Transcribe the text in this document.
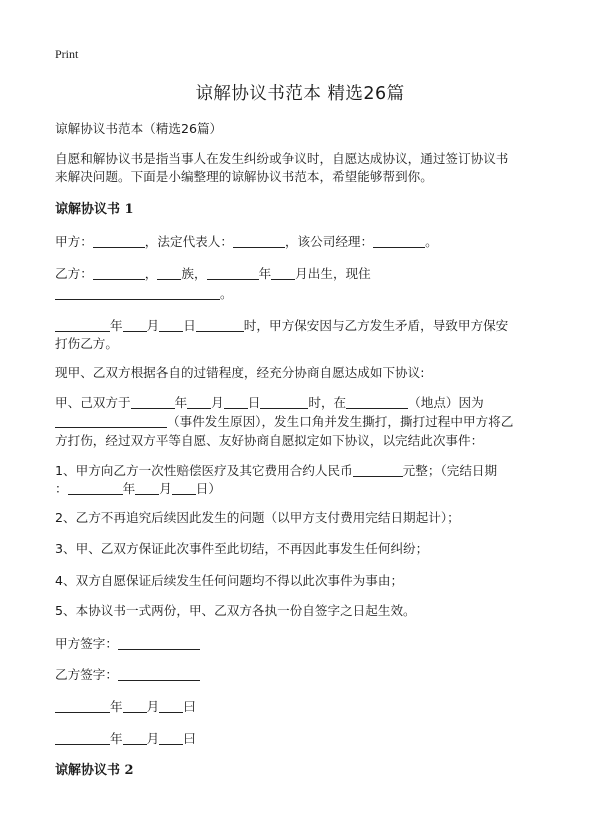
Print
谅解协议书范本 精选26篇
谅解协议书范本（精选26篇）
自愿和解协议书是指当事人在发生纠纷或争议时，自愿达成协议，通过签订协议书
来解决问题。下面是小编整理的谅解协议书范本，希望能够帮到你。
谅解协议书 1
甲方：	，法定代表人：	，该公司经理：	。
乙方：	， 族，	年 月出生，现住
。
年 月 日	时，甲方保安因与乙方发生矛盾，导致甲方保安
打伤乙方。
现甲、乙双方根据各自的过错程度，经充分协商自愿达成如下协议:
甲、己双方于	年 月 日	时，在	（地点）因为
（事件发生原因），发生口角并发生撕打，撕打过程中甲方将乙
方打伤，经过双方平等自愿、友好协商自愿拟定如下协议，以完结此次事件：
1、甲方向乙方一次性赔偿医疗及其它费用合约人民币	元整；（完结日期
：	年 月 日）
2、乙方不再追究后续因此发生的问题（以甲方支付费用完结日期起计）；
3、甲、乙双方保证此次事件至此切结，不再因此事发生任何纠纷；
4、双方自愿保证后续发生任何问题均不得以此次事件为事由；
5、本协议书一式两份，甲、乙双方各执一份自签字之日起生效。
甲方签字：
乙方签字：
年 月 曰
年 月 曰
谅解协议书 2
